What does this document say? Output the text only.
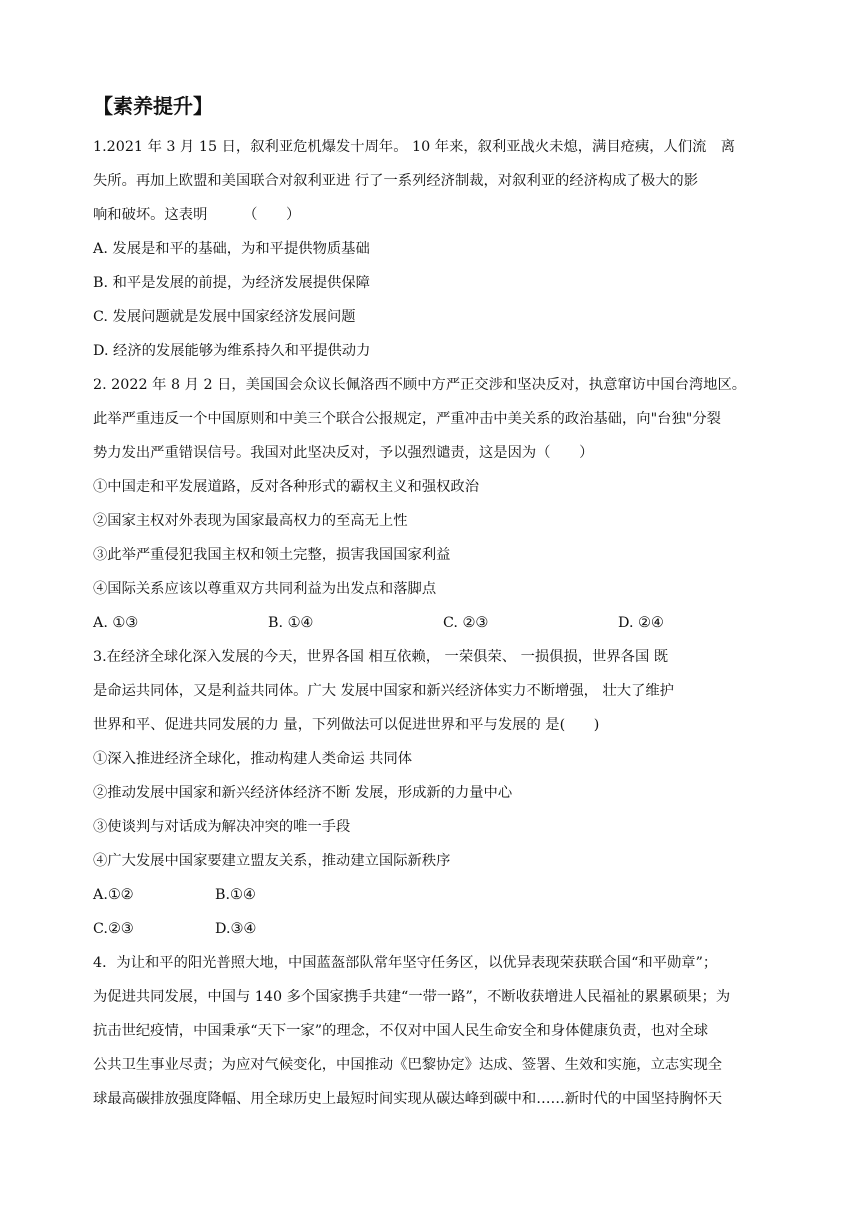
【素养提升】

1.2021 年 3 月 15 日，叙利亚危机爆发十周年。 10 年来，叙利亚战火未熄，满目疮痍，人们流　离

失所。再加上欧盟和美国联合对叙利亚进 行了一系列经济制裁，对叙利亚的经济构成了极大的影

响和破坏。这表明　　　（　　）

A. 发展是和平的基础，为和平提供物质基础

B. 和平是发展的前提，为经济发展提供保障

C. 发展问题就是发展中国家经济发展问题

D. 经济的发展能够为维系持久和平提供动力

2. 2022 年 8 月 2 日，美国国会众议长佩洛西不顾中方严正交涉和坚决反对，执意窜访中国台湾地区。

此举严重违反一个中国原则和中美三个联合公报规定，严重冲击中美关系的政治基础，向"台独"分裂

势力发出严重错误信号。我国对此坚决反对，予以强烈谴责，这是因为（　　）

①中国走和平发展道路，反对各种形式的霸权主义和强权政治

②国家主权对外表现为国家最高权力的至高无上性

③此举严重侵犯我国主权和领土完整，损害我国国家利益

④国际关系应该以尊重双方共同利益为出发点和落脚点

A. ①③	B. ①④	C. ②③	D. ②④

3.在经济全球化深入发展的今天，世界各国 相互依赖， 一荣俱荣、 一损俱损，世界各国 既

是命运共同体，又是利益共同体。广大 发展中国家和新兴经济体实力不断增强， 壮大了维护

世界和平、促进共同发展的力 量，下列做法可以促进世界和平与发展的 是(　　)

①深入推进经济全球化，推动构建人类命运 共同体

②推动发展中国家和新兴经济体经济不断 发展，形成新的力量中心

③使谈判与对话成为解决冲突的唯一手段

④广大发展中国家要建立盟友关系，推动建立国际新秩序

A.①②	B.①④
C.②③	D.③④

4．为让和平的阳光普照大地，中国蓝盔部队常年坚守任务区，以优异表现荣获联合国“和平勋章”；

为促进共同发展，中国与 140 多个国家携手共建“一带一路”，不断收获增进人民福祉的累累硕果；为

抗击世纪疫情，中国秉承“天下一家”的理念，不仅对中国人民生命安全和身体健康负责，也对全球

公共卫生事业尽责；为应对气候变化，中国推动《巴黎协定》达成、签署、生效和实施，立志实现全

球最高碳排放强度降幅、用全球历史上最短时间实现从碳达峰到碳中和……新时代的中国坚持胸怀天
